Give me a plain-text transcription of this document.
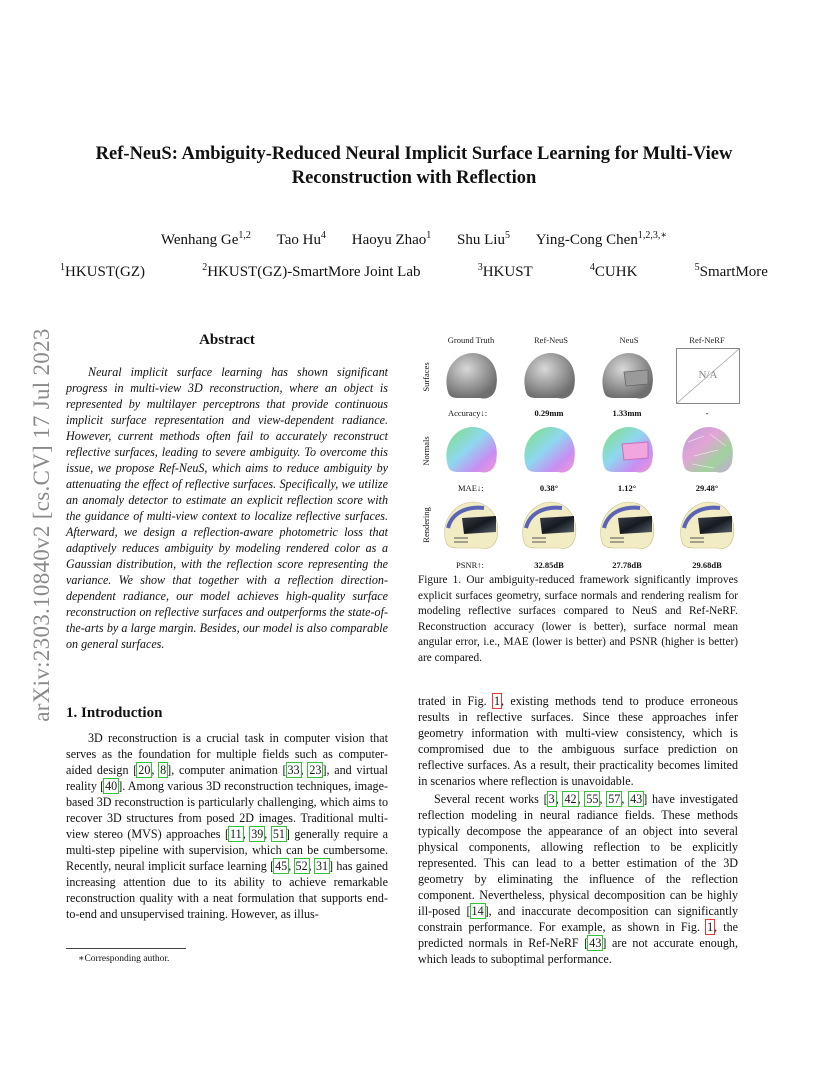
arXiv:2303.10840v2 [cs.CV] 17 Jul 2023
Ref-NeuS: Ambiguity-Reduced Neural Implicit Surface Learning for Multi-View
Reconstruction with Reflection
Wenhang Ge$^{1,2}$ Tao Hu$^4$ Haoyu Zhao$^1$ Shu Liu$^5$ Ying-Cong Chen$^{1,2,3,∗}$
$^1$HKUST(GZ)	$^2$HKUST(GZ)-SmartMore Joint Lab	$^3$HKUST	$^4$CUHK	$^5$SmartMore
Abstract
Neural implicit surface learning has shown significant progress in multi-view 3D reconstruction, where an object is represented by multilayer perceptrons that provide continuous implicit surface representation and view-dependent radiance. However, current methods often fail to accurately reconstruct reflective surfaces, leading to severe ambiguity. To overcome this issue, we propose Ref-NeuS, which aims to reduce ambiguity by attenuating the effect of reflective surfaces. Specifically, we utilize an anomaly detector to estimate an explicit reflection score with the guidance of multi-view context to localize reflective surfaces. Afterward, we design a reflection-aware photometric loss that adaptively reduces ambiguity by modeling rendered color as a Gaussian distribution, with the reflection score representing the variance. We show that together with a reflection direction-dependent radiance, our model achieves high-quality surface reconstruction on reflective surfaces and outperforms the state-of-the-arts by a large margin. Besides, our model is also comparable on general surfaces.
1. Introduction
3D reconstruction is a crucial task in computer vision that serves as the foundation for multiple fields such as computer-aided design [20, 8], computer animation [33, 23], and virtual reality [40]. Among various 3D reconstruction techniques, image-based 3D reconstruction is particularly challenging, which aims to recover 3D structures from posed 2D images. Traditional multi-view stereo (MVS) approaches [11, 39, 51] generally require a multi-step pipeline with supervision, which can be cumbersome. Recently, neural implicit surface learning [45, 52, 31] has gained increasing attention due to its ability to achieve remarkable reconstruction quality with a neat formulation that supports end-to-end and unsupervised training. However, as illus-
∗Corresponding author.
Ground Truth	Ref-NeuS	NeuS	Ref-NeRF
Surfaces
Normals
Rendering
N/A
Accuracy↓:	0.29mm	1.33mm	-
MAE↓:	0.38°	1.12°	29.48°
PSNR↑:	32.85dB	27.78dB	29.68dB
Figure 1. Our ambiguity-reduced framework significantly improves explicit surfaces geometry, surface normals and rendering realism for modeling reflective surfaces compared to NeuS and Ref-NeRF. Reconstruction accuracy (lower is better), surface normal mean angular error, i.e., MAE (lower is better) and PSNR (higher is better) are compared.
trated in Fig. 1, existing methods tend to produce erroneous results in reflective surfaces. Since these approaches infer geometry information with multi-view consistency, which is compromised due to the ambiguous surface prediction on reflective surfaces. As a result, their practicality becomes limited in scenarios where reflection is unavoidable.
Several recent works [3, 42, 55, 57, 43] have investigated reflection modeling in neural radiance fields. These methods typically decompose the appearance of an object into several physical components, allowing reflection to be explicitly represented. This can lead to a better estimation of the 3D geometry by eliminating the influence of the reflection component. Nevertheless, physical decomposition can be highly ill-posed [14], and inaccurate decomposition can significantly constrain performance. For example, as shown in Fig. 1, the predicted normals in Ref-NeRF [43] are not accurate enough, which leads to suboptimal performance.
